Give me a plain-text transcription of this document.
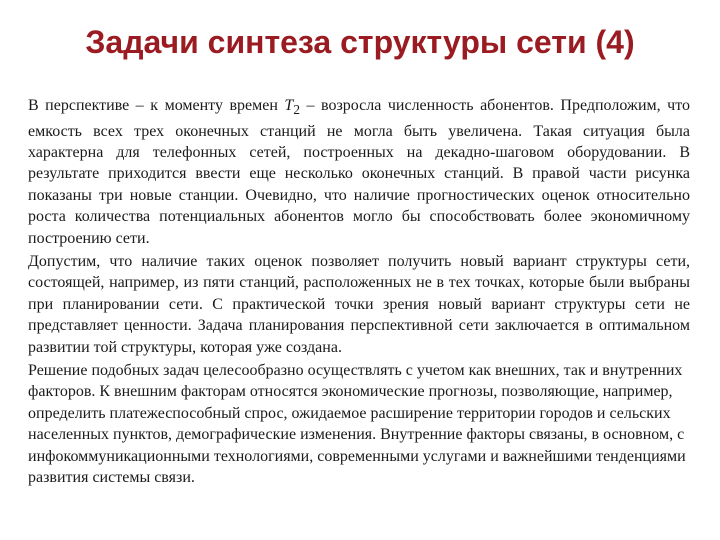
Задачи синтеза структуры сети (4)

В перспективе – к моменту времен $Т_2$ – возросла численность абонентов. Предположим, что емкость всех трех оконечных станций не могла быть увеличена. Такая ситуация была характерна для телефонных сетей, построенных на декадно-шаговом оборудовании. В результате приходится ввести еще несколько оконечных станций. В правой части рисунка показаны три новые станции. Очевидно, что наличие прогностических оценок относительно роста количества потенциальных абонентов могло бы способствовать более экономичному построению сети.

Допустим, что наличие таких оценок позволяет получить новый вариант структуры сети, состоящей, например, из пяти станций, расположенных не в тех точках, которые были выбраны при планировании сети. С практической точки зрения новый вариант структуры сети не представляет ценности. Задача планирования перспективной сети заключается в оптимальном развитии той структуры, которая уже создана.

Решение подобных задач целесообразно осуществлять с учетом как внешних, так и внутренних факторов. К внешним факторам относятся экономические прогнозы, позволяющие, например, определить платежеспособный спрос, ожидаемое расширение территории городов и сельских населенных пунктов, демографические изменения. Внутренние факторы связаны, в основном, с инфокоммуникационными технологиями, современными услугами и важнейшими тенденциями развития системы связи.
